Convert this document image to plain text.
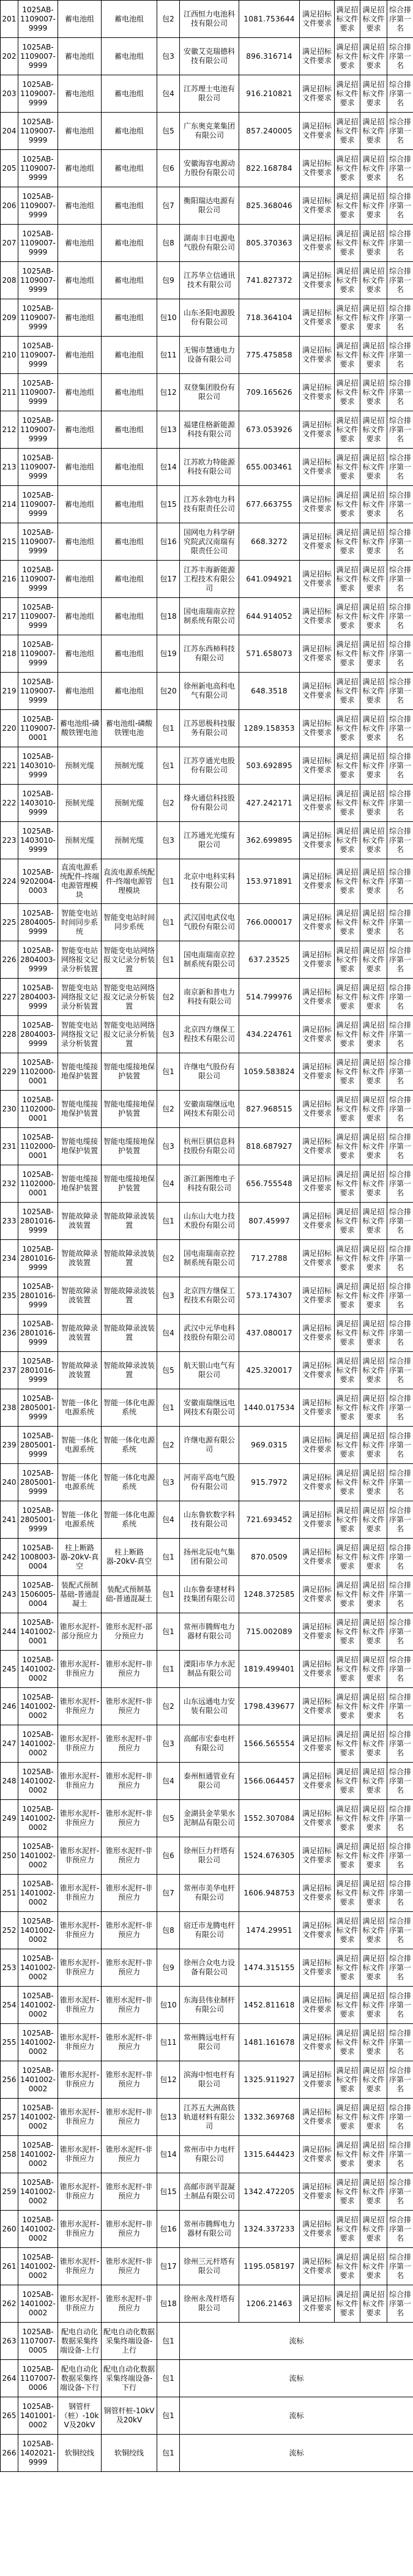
201	1025AB-1109007-9999	蓄电池组	蓄电池组	包2	江西恒力电池科技有限公司	1081.753644	满足招标文件要求	满足招标文件要求	满足招标文件要求	综合排序第一名
202	1025AB-1109007-9999	蓄电池组	蓄电池组	包3	安徽艾克瑞德科技有限公司	896.316714	满足招标文件要求	满足招标文件要求	满足招标文件要求	综合排序第一名
203	1025AB-1109007-9999	蓄电池组	蓄电池组	包4	江苏理士电池有限公司	916.210821	满足招标文件要求	满足招标文件要求	满足招标文件要求	综合排序第一名
204	1025AB-1109007-9999	蓄电池组	蓄电池组	包5	广东奥克莱集团有限公司	857.240005	满足招标文件要求	满足招标文件要求	满足招标文件要求	综合排序第一名
205	1025AB-1109007-9999	蓄电池组	蓄电池组	包6	安徽海容电源动力股份有限公司	822.168784	满足招标文件要求	满足招标文件要求	满足招标文件要求	综合排序第一名
206	1025AB-1109007-9999	蓄电池组	蓄电池组	包7	衡阳瑞达电源有限公司	825.368046	满足招标文件要求	满足招标文件要求	满足招标文件要求	综合排序第一名
207	1025AB-1109007-9999	蓄电池组	蓄电池组	包8	湖南丰日电源电气股份有限公司	805.370363	满足招标文件要求	满足招标文件要求	满足招标文件要求	综合排序第一名
208	1025AB-1109007-9999	蓄电池组	蓄电池组	包9	江苏华立信通讯技术有限公司	741.827372	满足招标文件要求	满足招标文件要求	满足招标文件要求	综合排序第一名
209	1025AB-1109007-9999	蓄电池组	蓄电池组	包10	山东圣阳电源股份有限公司	718.364104	满足招标文件要求	满足招标文件要求	满足招标文件要求	综合排序第一名
210	1025AB-1109007-9999	蓄电池组	蓄电池组	包11	无锡市慧通电力设备有限公司	775.475858	满足招标文件要求	满足招标文件要求	满足招标文件要求	综合排序第一名
211	1025AB-1109007-9999	蓄电池组	蓄电池组	包12	双登集团股份有限公司	709.165626	满足招标文件要求	满足招标文件要求	满足招标文件要求	综合排序第一名
212	1025AB-1109007-9999	蓄电池组	蓄电池组	包13	福建佳格新能源科技有限公司	673.053926	满足招标文件要求	满足招标文件要求	满足招标文件要求	综合排序第一名
213	1025AB-1109007-9999	蓄电池组	蓄电池组	包14	江苏欧力特能源科技有限公司	655.003461	满足招标文件要求	满足招标文件要求	满足招标文件要求	综合排序第一名
214	1025AB-1109007-9999	蓄电池组	蓄电池组	包15	江苏永勃电力科技有限责任公司	677.663755	满足招标文件要求	满足招标文件要求	满足招标文件要求	综合排序第一名
215	1025AB-1109007-9999	蓄电池组	蓄电池组	包16	国网电力科学研究院武汉南瑞有限责任公司	668.3272	满足招标文件要求	满足招标文件要求	满足招标文件要求	综合排序第一名
216	1025AB-1109007-9999	蓄电池组	蓄电池组	包17	江苏丰海新能源工程技术有限公司	641.094921	满足招标文件要求	满足招标文件要求	满足招标文件要求	综合排序第一名
217	1025AB-1109007-9999	蓄电池组	蓄电池组	包18	国电南瑞南京控制系统有限公司	644.914052	满足招标文件要求	满足招标文件要求	满足招标文件要求	综合排序第一名
218	1025AB-1109007-9999	蓄电池组	蓄电池组	包19	江苏东西柿科技有限公司	571.658073	满足招标文件要求	满足招标文件要求	满足招标文件要求	综合排序第一名
219	1025AB-1109007-9999	蓄电池组	蓄电池组	包20	徐州新电高科电气有限公司	648.3518	满足招标文件要求	满足招标文件要求	满足招标文件要求	综合排序第一名
220	1025AB-1109007-0001	蓄电池组-磷酸铁锂电池	蓄电池组-磷酸铁锂电池	包1	江苏思极科技服务有限公司	1289.158353	满足招标文件要求	满足招标文件要求	满足招标文件要求	综合排序第一名
221	1025AB-1403010-9999	预制光缆	预制光缆	包1	江苏亨通光电股份有限公司	503.692895	满足招标文件要求	满足招标文件要求	满足招标文件要求	综合排序第一名
222	1025AB-1403010-9999	预制光缆	预制光缆	包2	烽火通信科技股份有限公司	427.242171	满足招标文件要求	满足招标文件要求	满足招标文件要求	综合排序第一名
223	1025AB-1403010-9999	预制光缆	预制光缆	包3	江苏通光光缆有限公司	362.699895	满足招标文件要求	满足招标文件要求	满足招标文件要求	综合排序第一名
224	1025AB-9202004-0003	直流电源系统配件-终端电源管理模块	直流电源系统配件-终端电源管理模块	包1	北京中电科实科技有限公司	153.971891	满足招标文件要求	满足招标文件要求	满足招标文件要求	综合排序第一名
225	1025AB-2804005-9999	智能变电站时间同步系统	智能变电站时间同步系统	包1	武汉国电武仪电气股份有限公司	766.000017	满足招标文件要求	满足招标文件要求	满足招标文件要求	综合排序第一名
226	1025AB-2804003-9999	智能变电站网络报文记录分析装置	智能变电站网络报文记录分析装置	包1	国电南瑞南京控制系统有限公司	637.23525	满足招标文件要求	满足招标文件要求	满足招标文件要求	综合排序第一名
227	1025AB-2804003-9999	智能变电站网络报文记录分析装置	智能变电站网络报文记录分析装置	包2	南京新和普电力科技有限公司	514.799976	满足招标文件要求	满足招标文件要求	满足招标文件要求	综合排序第一名
228	1025AB-2804003-9999	智能变电站网络报文记录分析装置	智能变电站网络报文记录分析装置	包3	北京四方继保工程技术有限公司	434.224761	满足招标文件要求	满足招标文件要求	满足招标文件要求	综合排序第一名
229	1025AB-1102000-0001	智能电缆接地保护装置	智能电缆接地保护装置	包1	许继电气股份有限公司	1059.583824	满足招标文件要求	满足招标文件要求	满足招标文件要求	综合排序第一名
230	1025AB-1102000-0001	智能电缆接地保护装置	智能电缆接地保护装置	包2	安徽南瑞继远电网技术有限公司	827.968515	满足招标文件要求	满足招标文件要求	满足招标文件要求	综合排序第一名
231	1025AB-1102000-0001	智能电缆接地保护装置	智能电缆接地保护装置	包3	杭州巨骐信息科技股份有限公司	818.687927	满足招标文件要求	满足招标文件要求	满足招标文件要求	综合排序第一名
232	1025AB-1102000-0001	智能电缆接地保护装置	智能电缆接地保护装置	包4	浙江新图维电子科技有限公司	656.755548	满足招标文件要求	满足招标文件要求	满足招标文件要求	综合排序第一名
233	1025AB-2801016-9999	智能故障录波装置	智能故障录波装置	包1	山东山大电力技术股份有限公司	807.45997	满足招标文件要求	满足招标文件要求	满足招标文件要求	综合排序第一名
234	1025AB-2801016-9999	智能故障录波装置	智能故障录波装置	包2	国电南瑞南京控制系统有限公司	717.2788	满足招标文件要求	满足招标文件要求	满足招标文件要求	综合排序第一名
235	1025AB-2801016-9999	智能故障录波装置	智能故障录波装置	包3	北京四方继保工程技术有限公司	573.174307	满足招标文件要求	满足招标文件要求	满足招标文件要求	综合排序第一名
236	1025AB-2801016-9999	智能故障录波装置	智能故障录波装置	包4	武汉中元华电科技股份有限公司	437.080017	满足招标文件要求	满足招标文件要求	满足招标文件要求	综合排序第一名
237	1025AB-2801016-9999	智能故障录波装置	智能故障录波装置	包5	航天银山电气有限公司	425.320017	满足招标文件要求	满足招标文件要求	满足招标文件要求	综合排序第一名
238	1025AB-2805001-9999	智能一体化电源系统	智能一体化电源系统	包1	安徽南瑞继远电网技术有限公司	1440.017534	满足招标文件要求	满足招标文件要求	满足招标文件要求	综合排序第一名
239	1025AB-2805001-9999	智能一体化电源系统	智能一体化电源系统	包2	许继电源有限公司	969.0315	满足招标文件要求	满足招标文件要求	满足招标文件要求	综合排序第一名
240	1025AB-2805001-9999	智能一体化电源系统	智能一体化电源系统	包3	河南平高电气股份有限公司	915.7972	满足招标文件要求	满足招标文件要求	满足招标文件要求	综合排序第一名
241	1025AB-2805001-9999	智能一体化电源系统	智能一体化电源系统	包4	山东鲁软数字科技有限公司	721.693452	满足招标文件要求	满足招标文件要求	满足招标文件要求	综合排序第一名
242	1025AB-1008003-0004	柱上断路器-20kV-真空	柱上断路器-20kV-真空	包1	扬州北辰电气集团有限公司	870.0509	满足招标文件要求	满足招标文件要求	满足招标文件要求	综合排序第一名
243	1025AB-1506005-0004	装配式预制基础-普通混凝土	装配式预制基础-普通混凝土	包1	山东鲁泰建材科技集团有限公司	1248.372585	满足招标文件要求	满足招标文件要求	满足招标文件要求	综合排序第一名
244	1025AB-1401002-0001	锥形水泥杆-部分预应力	锥形水泥杆-部分预应力	包1	常州市腾辉电力器材有限公司	715.002089	满足招标文件要求	满足招标文件要求	满足招标文件要求	综合排序第一名
245	1025AB-1401002-0002	锥形水泥杆-非预应力	锥形水泥杆-非预应力	包1	溧阳市华力水泥制品有限公司	1819.499401	满足招标文件要求	满足招标文件要求	满足招标文件要求	综合排序第一名
246	1025AB-1401002-0002	锥形水泥杆-非预应力	锥形水泥杆-非预应力	包2	山东远通电力安装有限公司	1798.439677	满足招标文件要求	满足招标文件要求	满足招标文件要求	综合排序第一名
247	1025AB-1401002-0002	锥形水泥杆-非预应力	锥形水泥杆-非预应力	包3	高邮市宏泰电杆有限公司	1566.565554	满足招标文件要求	满足招标文件要求	满足招标文件要求	综合排序第一名
248	1025AB-1401002-0002	锥形水泥杆-非预应力	锥形水泥杆-非预应力	包4	泰州桓通管业有限公司	1566.064457	满足招标文件要求	满足招标文件要求	满足招标文件要求	综合排序第一名
249	1025AB-1401002-0002	锥形水泥杆-非预应力	锥形水泥杆-非预应力	包5	金湖县金苹果水泥制品有限公司	1552.307084	满足招标文件要求	满足招标文件要求	满足招标文件要求	综合排序第一名
250	1025AB-1401002-0002	锥形水泥杆-非预应力	锥形水泥杆-非预应力	包6	徐州巨力杆塔有限公司	1524.676305	满足招标文件要求	满足招标文件要求	满足招标文件要求	综合排序第一名
251	1025AB-1401002-0002	锥形水泥杆-非预应力	锥形水泥杆-非预应力	包7	常州市美华电杆有限公司	1606.948753	满足招标文件要求	满足招标文件要求	满足招标文件要求	综合排序第一名
252	1025AB-1401002-0002	锥形水泥杆-非预应力	锥形水泥杆-非预应力	包8	宿迁市龙腾电杆有限公司	1474.29951	满足招标文件要求	满足招标文件要求	满足招标文件要求	综合排序第一名
253	1025AB-1401002-0002	锥形水泥杆-非预应力	锥形水泥杆-非预应力	包9	徐州合众电力设备有限公司	1474.315155	满足招标文件要求	满足招标文件要求	满足招标文件要求	综合排序第一名
254	1025AB-1401002-0002	锥形水泥杆-非预应力	锥形水泥杆-非预应力	包10	东海县伟业制杆有限公司	1452.811618	满足招标文件要求	满足招标文件要求	满足招标文件要求	综合排序第一名
255	1025AB-1401002-0002	锥形水泥杆-非预应力	锥形水泥杆-非预应力	包11	常州腾远电杆有限公司	1481.161678	满足招标文件要求	满足招标文件要求	满足招标文件要求	综合排序第一名
256	1025AB-1401002-0002	锥形水泥杆-非预应力	锥形水泥杆-非预应力	包12	滨海中恒电杆有限公司	1325.911927	满足招标文件要求	满足招标文件要求	满足招标文件要求	综合排序第一名
257	1025AB-1401002-0002	锥形水泥杆-非预应力	锥形水泥杆-非预应力	包13	江苏五大洲高铁轨道材料有限公司	1332.369768	满足招标文件要求	满足招标文件要求	满足招标文件要求	综合排序第一名
258	1025AB-1401002-0002	锥形水泥杆-非预应力	锥形水泥杆-非预应力	包14	常州市中力电杆有限公司	1315.644423	满足招标文件要求	满足招标文件要求	满足招标文件要求	综合排序第一名
259	1025AB-1401002-0002	锥形水泥杆-非预应力	锥形水泥杆-非预应力	包15	高邮市润平混凝土制品有限公司	1342.472205	满足招标文件要求	满足招标文件要求	满足招标文件要求	综合排序第一名
260	1025AB-1401002-0002	锥形水泥杆-非预应力	锥形水泥杆-非预应力	包16	常州市腾辉电力器材有限公司	1324.337233	满足招标文件要求	满足招标文件要求	满足招标文件要求	综合排序第一名
261	1025AB-1401002-0002	锥形水泥杆-非预应力	锥形水泥杆-非预应力	包17	徐州三元杆塔有限公司	1195.058197	满足招标文件要求	满足招标文件要求	满足招标文件要求	综合排序第一名
262	1025AB-1401002-0002	锥形水泥杆-非预应力	锥形水泥杆-非预应力	包18	徐州永茂杆塔有限公司	1206.21463	满足招标文件要求	满足招标文件要求	满足招标文件要求	综合排序第一名
263	1025AB-1107007-0005	配电自动化数据采集终端设备-上行	配电自动化数据采集终端设备-上行	包1	流标					
264	1025AB-1107007-0006	配电自动化数据采集终端设备-下行	配电自动化数据采集终端设备-下行	包1	流标					
265	1025AB-1401001-0002	钢管杆（桩）-10kV及20kV	钢管杆桩-10kV及20kV	包1	流标					
266	1025AB-1402021-9999	软铜绞线	软铜绞线	包1	流标					
